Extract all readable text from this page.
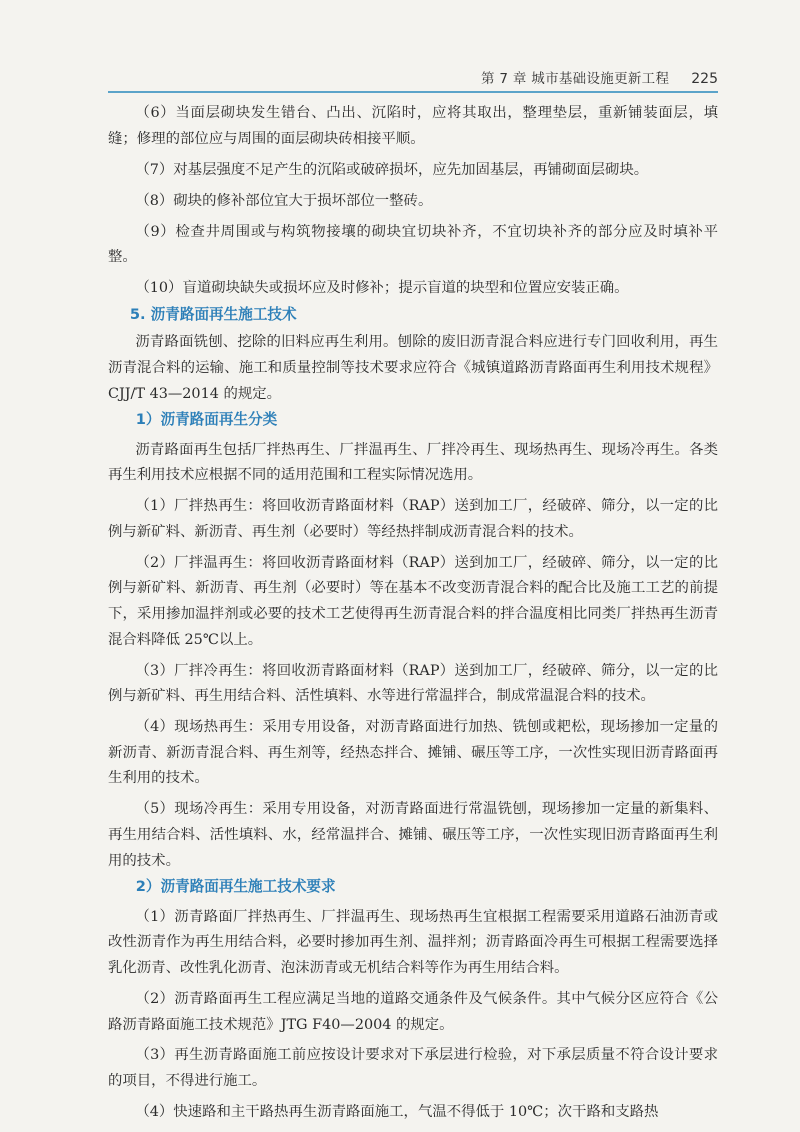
第 7 章 城市基础设施更新工程 225

（6）当面层砌块发生错台、凸出、沉陷时，应将其取出，整理垫层，重新铺装面层，填缝；修理的部位应与周围的面层砌块砖相接平顺。

（7）对基层强度不足产生的沉陷或破碎损坏，应先加固基层，再铺砌面层砌块。

（8）砌块的修补部位宜大于损坏部位一整砖。

（9）检查井周围或与构筑物接壤的砌块宜切块补齐，不宜切块补齐的部分应及时填补平整。

（10）盲道砌块缺失或损坏应及时修补；提示盲道的块型和位置应安装正确。

5. 沥青路面再生施工技术

沥青路面铣刨、挖除的旧料应再生利用。刨除的废旧沥青混合料应进行专门回收利用，再生沥青混合料的运输、施工和质量控制等技术要求应符合《城镇道路沥青路面再生利用技术规程》CJJ/T 43—2014 的规定。

1）沥青路面再生分类

沥青路面再生包括厂拌热再生、厂拌温再生、厂拌冷再生、现场热再生、现场冷再生。各类再生利用技术应根据不同的适用范围和工程实际情况选用。

（1）厂拌热再生：将回收沥青路面材料（RAP）送到加工厂，经破碎、筛分，以一定的比例与新矿料、新沥青、再生剂（必要时）等经热拌制成沥青混合料的技术。

（2）厂拌温再生：将回收沥青路面材料（RAP）送到加工厂，经破碎、筛分，以一定的比例与新矿料、新沥青、再生剂（必要时）等在基本不改变沥青混合料的配合比及施工工艺的前提下，采用掺加温拌剂或必要的技术工艺使得再生沥青混合料的拌合温度相比同类厂拌热再生沥青混合料降低 25℃以上。

（3）厂拌冷再生：将回收沥青路面材料（RAP）送到加工厂，经破碎、筛分，以一定的比例与新矿料、再生用结合料、活性填料、水等进行常温拌合，制成常温混合料的技术。

（4）现场热再生：采用专用设备，对沥青路面进行加热、铣刨或耙松，现场掺加一定量的新沥青、新沥青混合料、再生剂等，经热态拌合、摊铺、碾压等工序，一次性实现旧沥青路面再生利用的技术。

（5）现场冷再生：采用专用设备，对沥青路面进行常温铣刨，现场掺加一定量的新集料、再生用结合料、活性填料、水，经常温拌合、摊铺、碾压等工序，一次性实现旧沥青路面再生利用的技术。

2）沥青路面再生施工技术要求

（1）沥青路面厂拌热再生、厂拌温再生、现场热再生宜根据工程需要采用道路石油沥青或改性沥青作为再生用结合料，必要时掺加再生剂、温拌剂；沥青路面冷再生可根据工程需要选择乳化沥青、改性乳化沥青、泡沫沥青或无机结合料等作为再生用结合料。

（2）沥青路面再生工程应满足当地的道路交通条件及气候条件。其中气候分区应符合《公路沥青路面施工技术规范》JTG F40—2004 的规定。

（3）再生沥青路面施工前应按设计要求对下承层进行检验，对下承层质量不符合设计要求的项目，不得进行施工。

（4）快速路和主干路热再生沥青路面施工，气温不得低于 10℃；次干路和支路热
